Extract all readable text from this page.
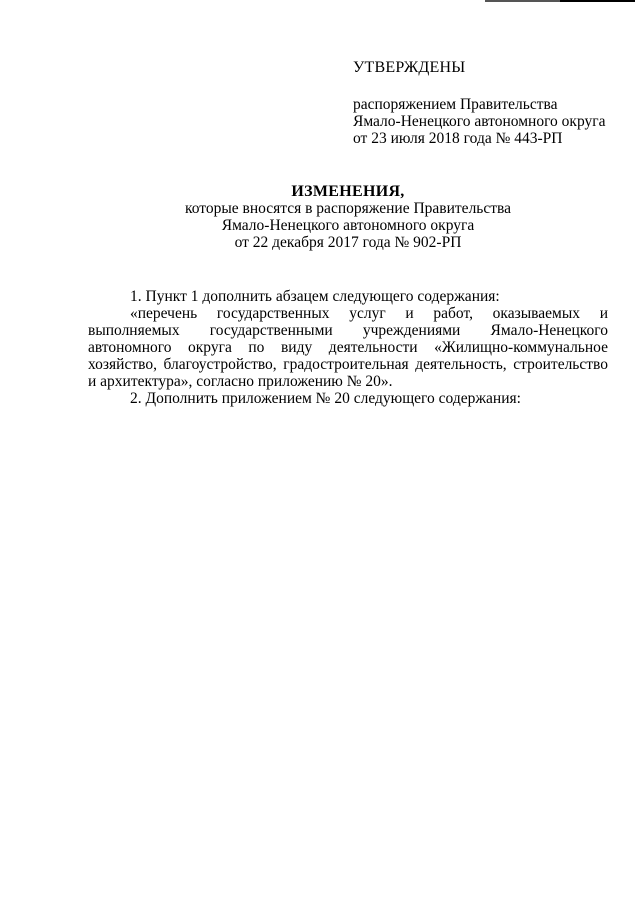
УТВЕРЖДЕНЫ
распоряжением Правительства
Ямало-Ненецкого автономного округа
от 23 июля 2018 года № 443-РП
ИЗМЕНЕНИЯ,
которые вносятся в распоряжение Правительства
Ямало-Ненецкого автономного округа
от 22 декабря 2017 года № 902-РП

1. Пункт 1 дополнить абзацем следующего содержания:

«перечень государственных услуг и работ, оказываемых и выполняемых государственными учреждениями Ямало-Ненецкого автономного округа по виду деятельности «Жилищно-коммунальное хозяйство, благоустройство, градостроительная деятельность, строительство и архитектура», согласно приложению № 20».

2. Дополнить приложением № 20 следующего содержания:
